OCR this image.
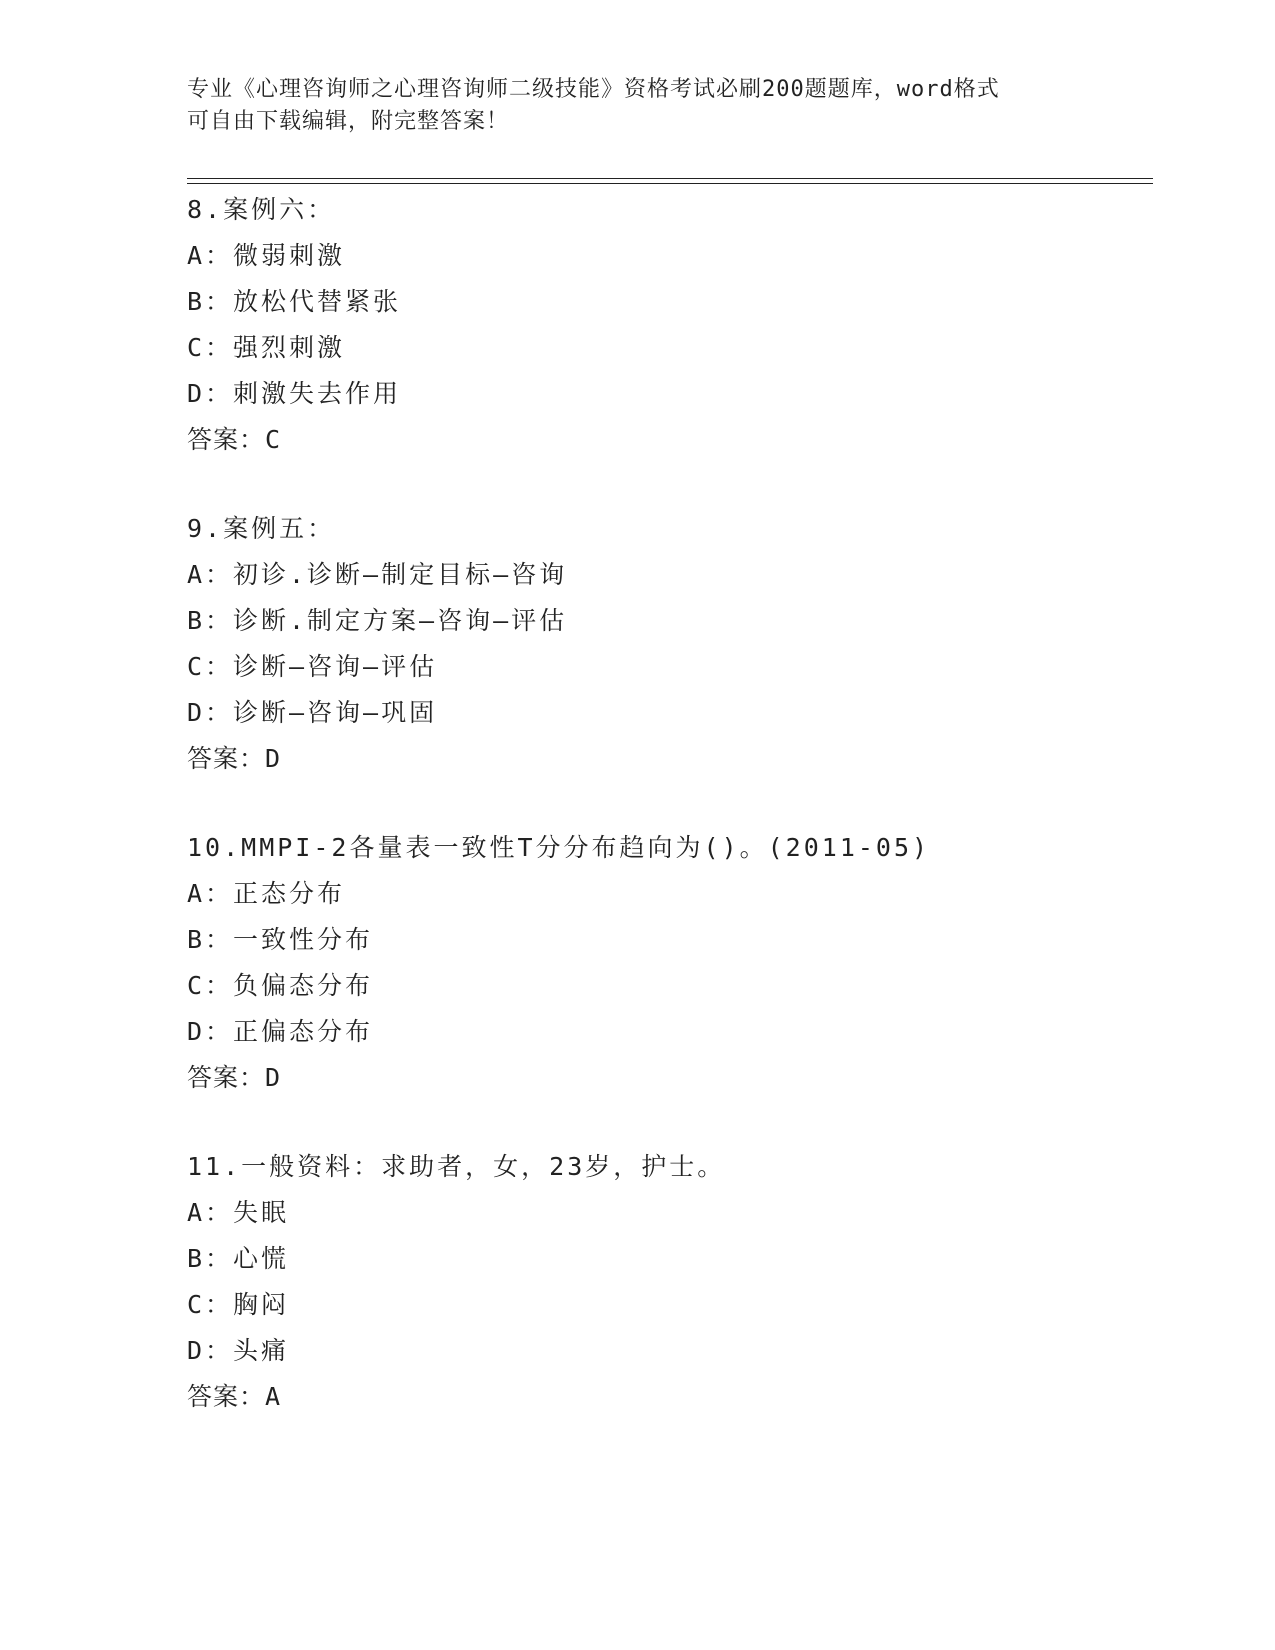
专业《心理咨询师之心理咨询师二级技能》资格考试必刷200题题库，word格式
可自由下载编辑，附完整答案！
8.案例六：
A：微弱刺激
B：放松代替紧张
C：强烈刺激
D：刺激失去作用
答案：C
9.案例五：
A：初诊.诊断—制定目标—咨询
B：诊断.制定方案—咨询—评估
C：诊断—咨询—评估
D：诊断—咨询—巩固
答案：D
10.MMPI-2各量表一致性T分分布趋向为()。(2011-05)
A：正态分布
B：一致性分布
C：负偏态分布
D：正偏态分布
答案：D
11.一般资料：求助者，女，23岁，护士。
A：失眠
B：心慌
C：胸闷
D：头痛
答案：A
